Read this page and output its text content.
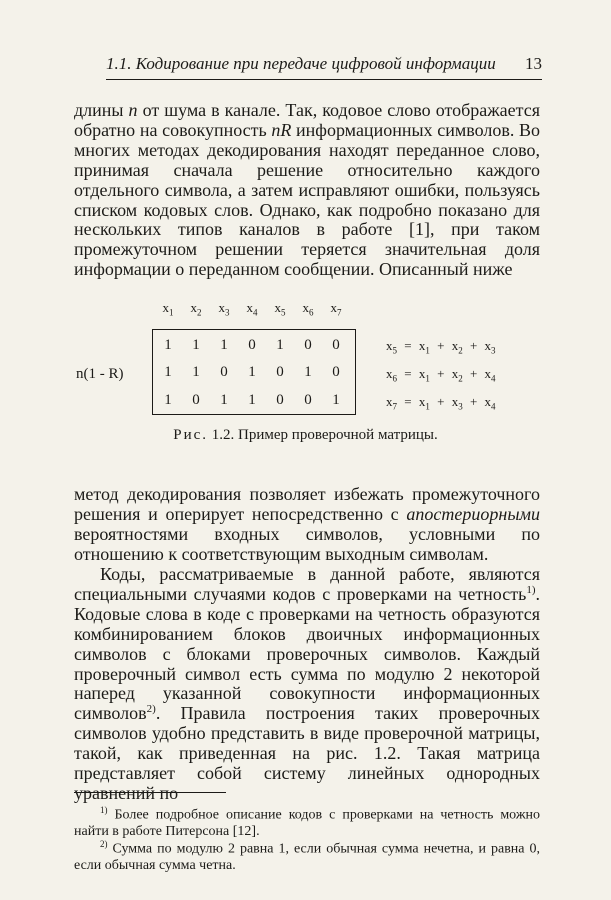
1.1. Кодирование при передаче цифровой информации 13

длины n от шума в канале. Так, кодовое слово отображается обратно на совокупность nR информационных символов. Во многих методах декодирования находят переданное слово, принимая сначала решение относительно каждого отдельного символа, а затем исправляют ошибки, пользуясь списком кодовых слов. Однако, как подробно показано для нескольких типов каналов в работе [1], при таком промежуточном решении теряется значительная доля информации о переданном сообщении. Описанный ниже

$x_1$	$x_2$	$x_3$	$x_4$	$x_5$	$x_6$	$x_7$
n(1 - R)
1	1	1	0	1	0	0
1	1	0	1	0	1	0
1	0	1	1	0	0	1
$x_5 = x_1 + x_2 + x_3$
$x_6 = x_1 + x_2 + x_4$
$x_7 = x_1 + x_3 + x_4$
Рис. 1.2. Пример проверочной матрицы.

метод декодирования позволяет избежать промежуточного решения и оперирует непосредственно с апостериорными вероятностями входных символов, условными по отношению к соответствующим выходным символам.

Коды, рассматриваемые в данной работе, являются специальными случаями кодов с проверками на четность$^{1)}$. Кодовые слова в коде с проверками на четность образуются комбинированием блоков двоичных информационных символов с блоками проверочных символов. Каждый проверочный символ есть сумма по модулю 2 некоторой наперед указанной совокупности информационных символов$^{2)}$. Правила построения таких проверочных символов удобно представить в виде проверочной матрицы, такой, как приведенная на рис. 1.2. Такая матрица представляет собой систему линейных однородных уравнений по

$^{1)}$ Более подробное описание кодов с проверками на четность можно найти в работе Питерсона [12].

$^{2)}$ Сумма по модулю 2 равна 1, если обычная сумма нечетна, и равна 0, если обычная сумма четна.
